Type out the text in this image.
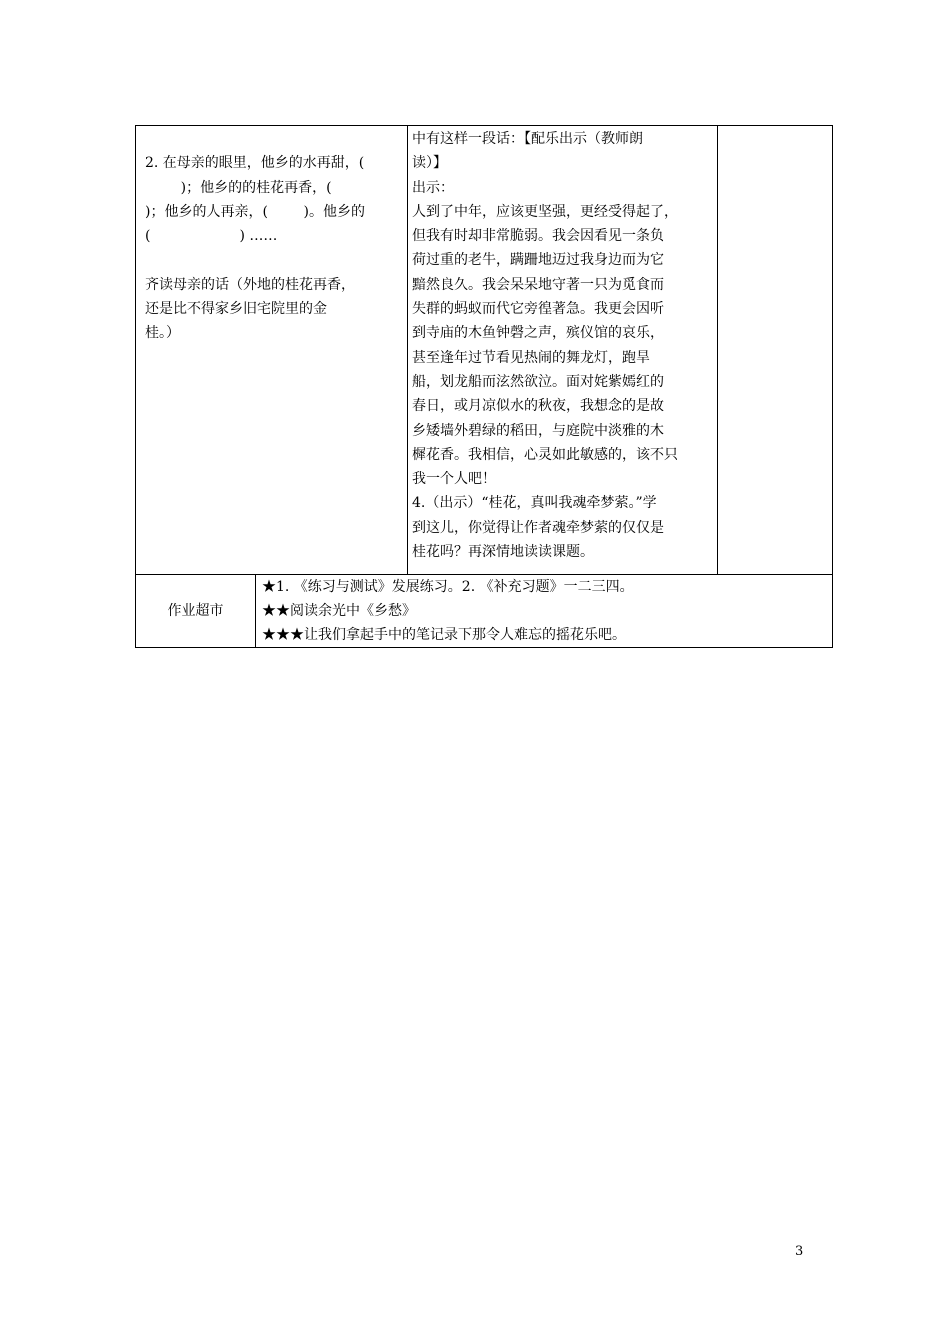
2. 在母亲的眼里，他乡的水再甜，(

)；他乡的的桂花再香，(

)；他乡的人再亲，(        )。他乡的

(                    ) ……

齐读母亲的话（外地的桂花再香，

还是比不得家乡旧宅院里的金

桂。）

中有这样一段话：【配乐出示（教师朗

读）】

出示：

人到了中年，应该更坚强，更经受得起了，

但我有时却非常脆弱。我会因看见一条负

荷过重的老牛，蹒跚地迈过我身边而为它

黯然良久。我会呆呆地守著一只为觅食而

失群的蚂蚁而代它旁徨著急。我更会因听

到寺庙的木鱼钟磬之声，殡仪馆的哀乐，

甚至逢年过节看见热闹的舞龙灯，跑旱

船，划龙船而泫然欲泣。面对姹紫嫣红的

春日，或月凉似水的秋夜，我想念的是故

乡矮墙外碧绿的稻田，与庭院中淡雅的木

樨花香。我相信，心灵如此敏感的，该不只

我一个人吧！

4.（出示）“桂花，真叫我魂牵梦萦。”学

到这儿，你觉得让作者魂牵梦萦的仅仅是

桂花吗？再深情地读读课题。

作业超市

★1. 《练习与测试》发展练习。2. 《补充习题》一二三四。

★★阅读余光中《乡愁》

★★★让我们拿起手中的笔记录下那令人难忘的摇花乐吧。

3
